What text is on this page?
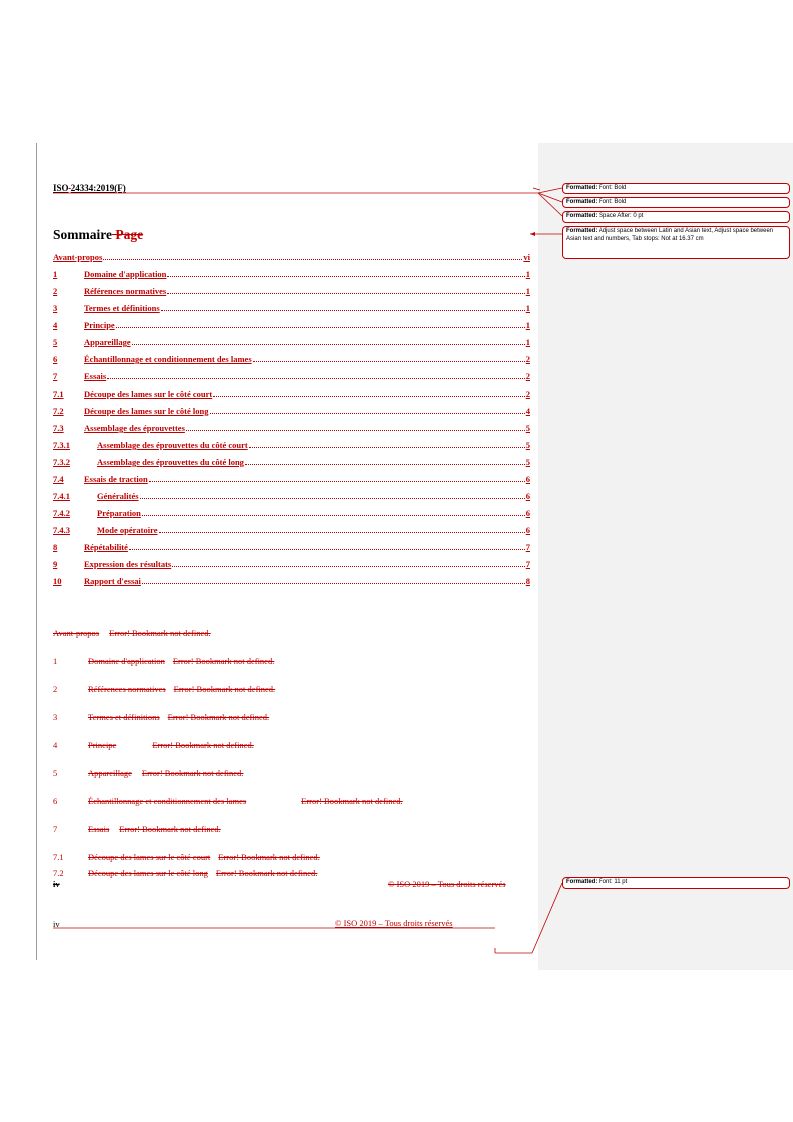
ISO 24334:2019(F)
Sommaire Page
Avant-propos	vi
1	Domaine d'application	1
2	Références normatives	1
3	Termes et définitions	1
4	Principe	1
5	Appareillage	1
6	Échantillonnage et conditionnement des lames	2
7	Essais	2
7.1	Découpe des lames sur le côté court	2
7.2	Découpe des lames sur le côté long	4
7.3	Assemblage des éprouvettes	5
7.3.1	Assemblage des éprouvettes du côté court	5
7.3.2	Assemblage des éprouvettes du côté long	5
7.4	Essais de traction	6
7.4.1	Généralités	6
7.4.2	Préparation	6
7.4.3	Mode opératoire	6
8	Répétabilité	7
9	Expression des résultats	7
10	Rapport d'essai	8
Avant-propos Error! Bookmark not defined.
1	Domaine d'application Error! Bookmark not defined.
2	Références normatives Error! Bookmark not defined.
3	Termes et définitions Error! Bookmark not defined.
4	Principe	Error! Bookmark not defined.
5	Appareillage Error! Bookmark not defined.
6	Échantillonnage et conditionnement des lames	Error! Bookmark not defined.
7	Essais Error! Bookmark not defined.
7.1	Découpe des lames sur le côté court Error! Bookmark not defined.
7.2	Découpe des lames sur le côté long Error! Bookmark not defined.
iv	© ISO 2019 – Tous droits réservés
iv	© ISO 2019 – Tous droits réservés
Formatted: Font: Bold
Formatted: Font: Bold
Formatted: Space After: 0 pt
Formatted: Adjust space between Latin and Asian text, Adjust space between Asian text and numbers, Tab stops: Not at 16.37 cm
Formatted: Font: 11 pt
